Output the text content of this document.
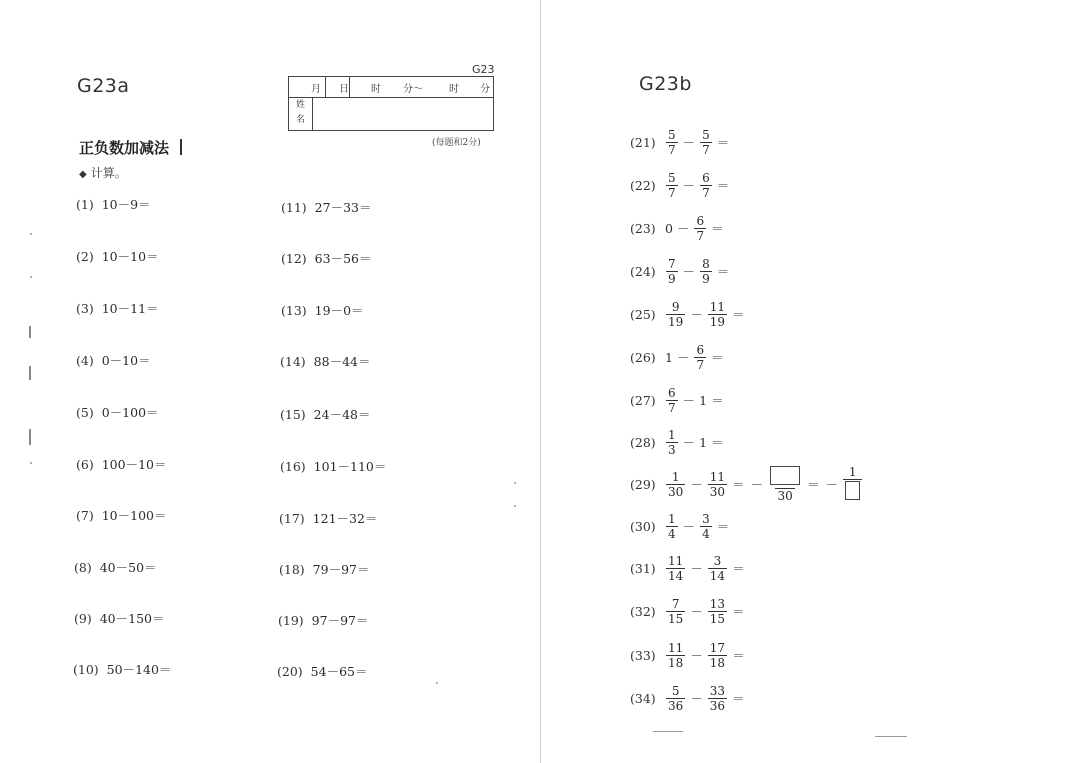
G23a
G23
月 日 时 分～	时 分
姓
名
(每题和2分)
正负数加减法
◆ 计算。
(1) 10－9＝
(2) 10－10＝
(3) 10－11＝
(4) 0－10＝
(5) 0－100＝
(6) 100－10＝
(7) 10－100＝
(8) 40－50＝
(9) 40－150＝
(10) 50－140＝
(11) 27－33＝
(12) 63－56＝
(13) 19－0＝
(14) 88－44＝
(15) 24－48＝
(16) 101－110＝
(17) 121－32＝
(18) 79－97＝
(19) 97－97＝
(20) 54－65＝
G23b
$(21) \frac{5}{7} - \frac{5}{7}$ ＝
$(22) \frac{5}{7} - \frac{6}{7}$ ＝
(23) $0 - \frac{6}{7}$ ＝
$(24) \frac{7}{9} - \frac{8}{9}$ ＝
$(25) \frac{9}{19} - \frac{11}{19}$ ＝
(26) $1 - \frac{6}{7}$ ＝
$(27) \frac{6}{7} - 1$ ＝
$(28) \frac{1}{3} - 1$ ＝
$(29) \frac{1}{30} - \frac{11}{30}$ ＝ －
30
＝ －
1
$(30) \frac{1}{4} - \frac{3}{4}$ ＝
$(31) \frac{11}{14} - \frac{3}{14}$ ＝
$(32) \frac{7}{15} - \frac{13}{15}$ ＝
$(33) \frac{11}{18} - \frac{17}{18}$ ＝
$(34) \frac{5}{36} - \frac{33}{36}$ ＝
